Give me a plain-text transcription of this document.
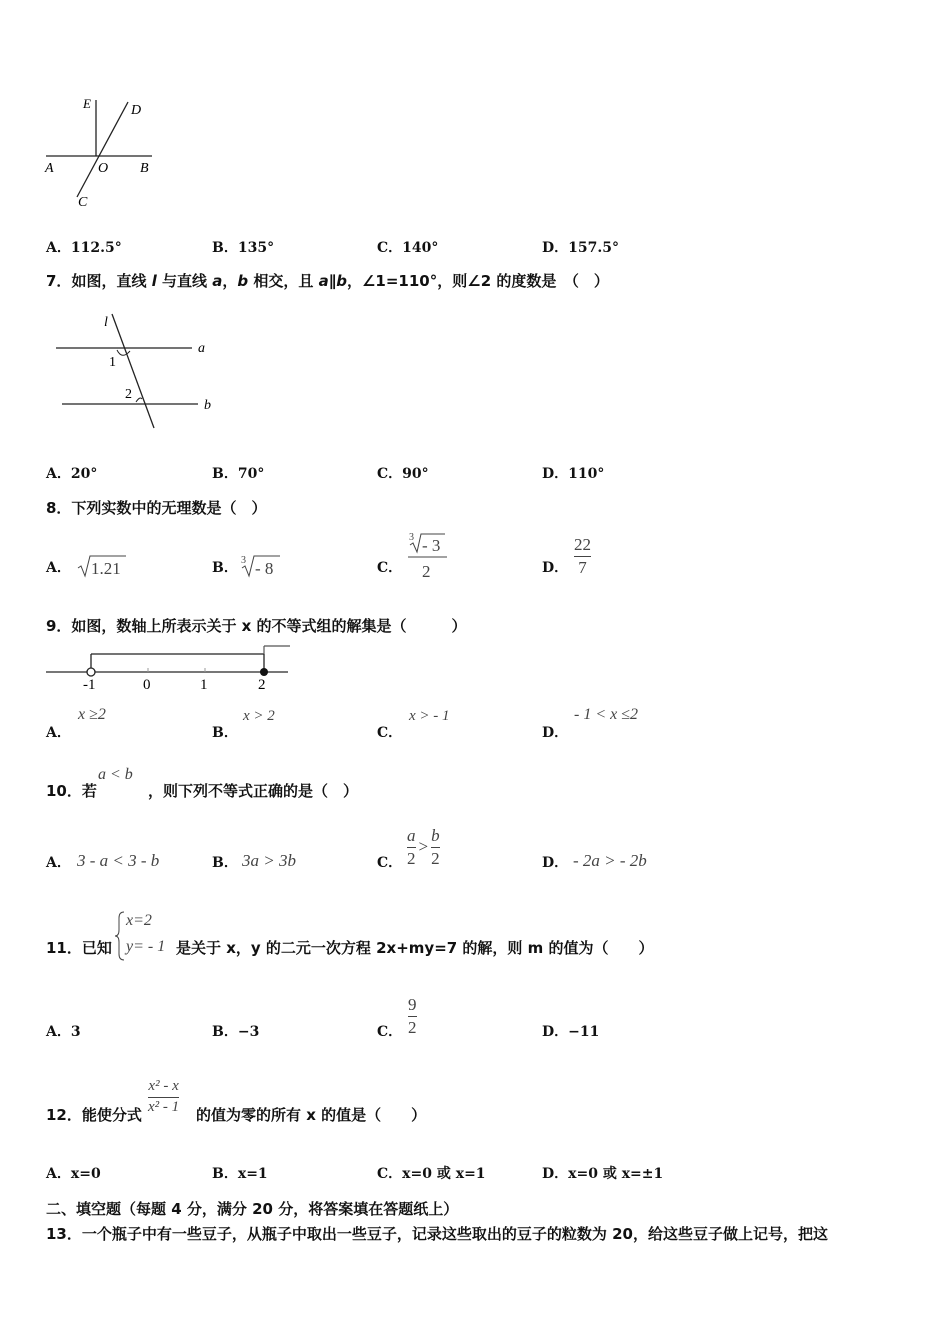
E	D
A	O B
C
A．112.5°	B．135°	C．140°	D．157.5°
7．如图，直线 l 与直线 a，b 相交，且 a∥b，∠1=110°，则∠2 的度数是　（　）
l
a
b
1
2
A．20°	B．70°	C．90°	D．110°
8．下列实数中的无理数是（　）
A． 1.21	B． 3 - 8	C．
3 - 3
2	D． $\frac{22}{7}$
9．如图，数轴上所表示关于 x 的不等式组的解集是（　　　）
-1	0	1	2
A．
x ≥2
B．
x > 2
C．
x > - 1
D．
- 1 < x ≤2
10．若
a < b
，则下列不等式正确的是（　）
A． 3 - a < 3 - b	B． 3a > 3b	C． $\frac{a}{2} > \frac{b}{2}$	D． - 2a > - 2b
11．已知
x=2
y= - 1 是关于 x，y 的二元一次方程 2x+my=7 的解，则 m 的值为（　　）
A．3	B．−3	C． $\frac{9}{2}$	D．−11
12．能使分式 $\frac{\text{x² - x}}{\text{x² - 1}}$ 的值为零的所有 x 的值是（　　）
A．x=0	B．x=1	C．x=0 或 x=1	D．x=0 或 x=±1
二、填空题（每题 4 分，满分 20 分，将答案填在答题纸上）
13．一个瓶子中有一些豆子，从瓶子中取出一些豆子，记录这些取出的豆子的粒数为 20，给这些豆子做上记号，把这
